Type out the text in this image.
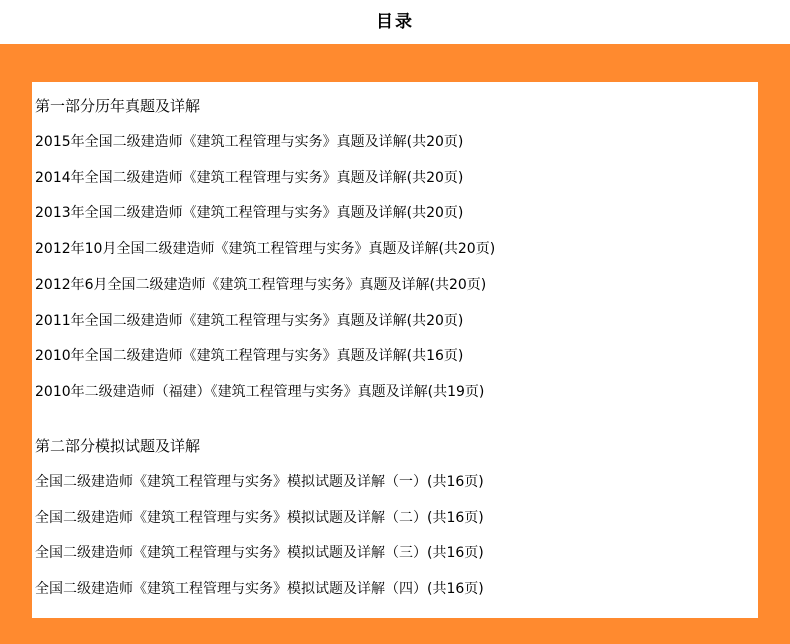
目录
第一部分历年真题及详解
2015年全国二级建造师《建筑工程管理与实务》真题及详解(共20页)
2014年全国二级建造师《建筑工程管理与实务》真题及详解(共20页)
2013年全国二级建造师《建筑工程管理与实务》真题及详解(共20页)
2012年10月全国二级建造师《建筑工程管理与实务》真题及详解(共20页)
2012年6月全国二级建造师《建筑工程管理与实务》真题及详解(共20页)
2011年全国二级建造师《建筑工程管理与实务》真题及详解(共20页)
2010年全国二级建造师《建筑工程管理与实务》真题及详解(共16页)
2010年二级建造师（福建）《建筑工程管理与实务》真题及详解(共19页)
第二部分模拟试题及详解
全国二级建造师《建筑工程管理与实务》模拟试题及详解（一）(共16页)
全国二级建造师《建筑工程管理与实务》模拟试题及详解（二）(共16页)
全国二级建造师《建筑工程管理与实务》模拟试题及详解（三）(共16页)
全国二级建造师《建筑工程管理与实务》模拟试题及详解（四）(共16页)
